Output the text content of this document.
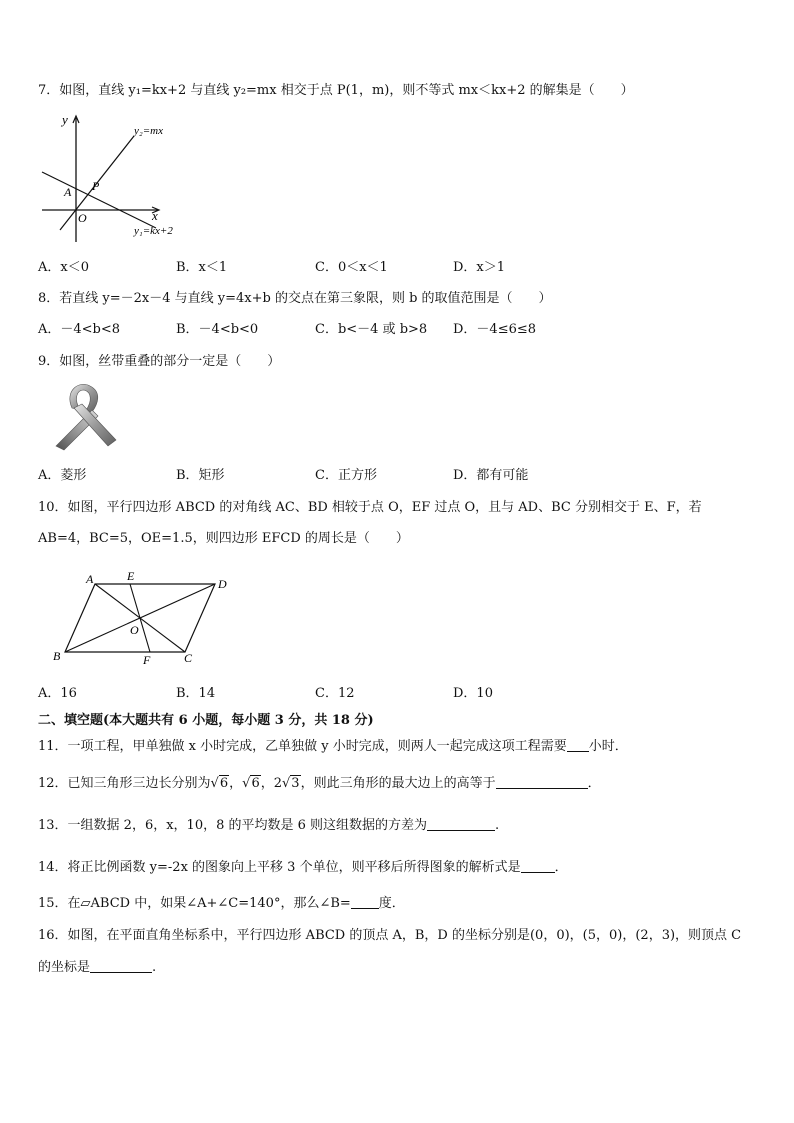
7．如图，直线 y₁=kx+2 与直线 y₂=mx 相交于点 P(1，m)，则不等式 mx＜kx+2 的解集是（　　）
y
x
O
A P
y₂=mx
y₁=kx+2
A．x＜0	B．x＜1	C．0＜x＜1	D．x＞1
8．若直线 y=－2x－4 与直线 y=4x+b 的交点在第三象限，则 b 的取值范围是（　　）
A．－4<b<8	B．－4<b<0	C．b<－4 或 b>8 D．－4≤6≤8
9．如图，丝带重叠的部分一定是（　　）
A．菱形	B．矩形	C．正方形	D．都有可能
10．如图，平行四边形 ABCD 的对角线 AC、BD 相较于点 O，EF 过点 O，且与 AD、BC 分别相交于 E、F，若
AB=4，BC=5，OE=1.5，则四边形 EFCD 的周长是（　　）
A	E
D
O
B	F	C
A．16	B．14	C．12	D．10
二、填空题(本大题共有 6 小题，每小题 3 分，共 18 分)
11．一项工程，甲单独做 x 小时完成，乙单独做 y 小时完成，则两人一起完成这项工程需要 小时．
12．已知三角形三边长分别为√6，√6，2√3，则此三角形的最大边上的高等于	．
13．一组数据 2，6，x，10，8 的平均数是 6 则这组数据的方差为	.
14．将正比例函数 y=-2x 的图象向上平移 3 个单位，则平移后所得图象的解析式是	．
15．在▱ABCD 中，如果∠A+∠C=140°，那么∠B= 度．
16．如图，在平面直角坐标系中，平行四边形 ABCD 的顶点 A，B，D 的坐标分别是(0，0)，(5，0)，(2，3)，则顶点 C
的坐标是	.
